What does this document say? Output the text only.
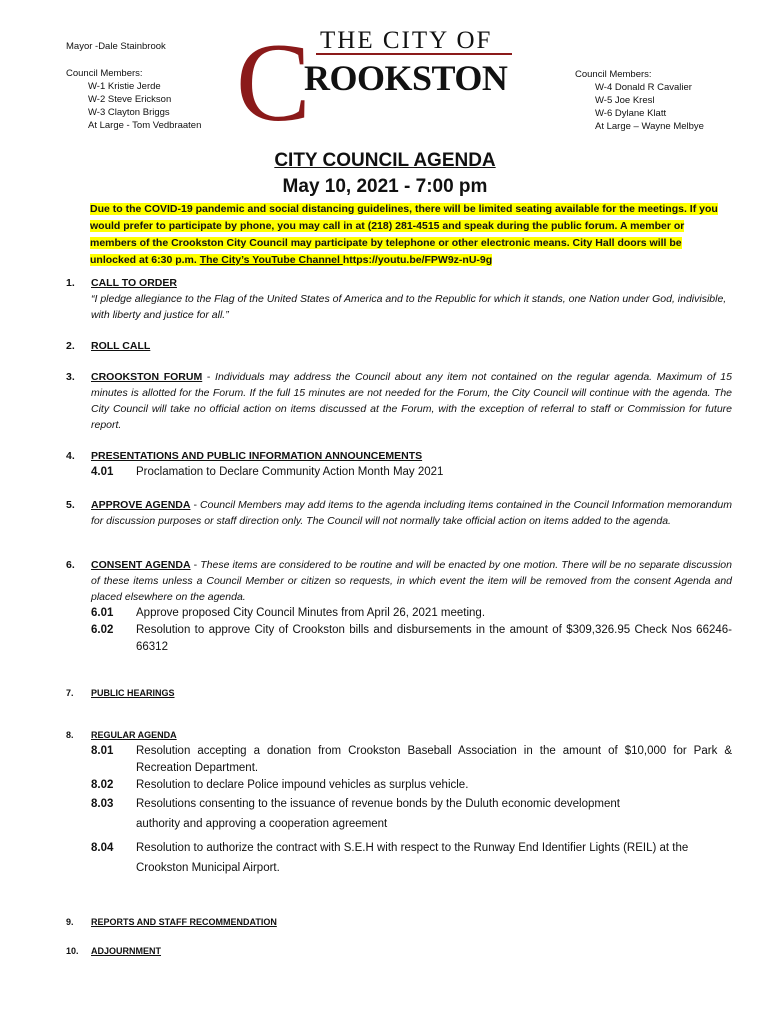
Mayor -Dale Stainbrook
Council Members:
W-1 Kristie Jerde
W-2 Steve Erickson
W-3 Clayton Briggs
At Large - Tom Vedbraaten C THE CITY OF
ROOKSTON	Council Members:
W-4 Donald R Cavalier
W-5 Joe Kresl
W-6 Dylane Klatt
At Large – Wayne Melbye
CITY COUNCIL AGENDA
May 10, 2021 - 7:00 pm
Due to the COVID-19 pandemic and social distancing guidelines, there will be limited seating available for the meetings. If you would prefer to participate by phone, you may call in at (218) 281-4515 and speak during the public forum. A member or members of the Crookston City Council may participate by telephone or other electronic means. City Hall doors will be unlocked at 6:30 p.m. The City’s YouTube Channel https://youtu.be/FPW9z-nU-9g
1. CALL TO ORDER
“I pledge allegiance to the Flag of the United States of America and to the Republic for which it stands, one Nation under God, indivisible, with liberty and justice for all.”
2. ROLL CALL
3. CROOKSTON FORUM - Individuals may address the Council about any item not contained on the regular agenda. Maximum of 15 minutes is allotted for the Forum. If the full 15 minutes are not needed for the Forum, the City Council will continue with the agenda. The City Council will take no official action on items discussed at the Forum, with the exception of referral to staff or Commission for future report.
4. PRESENTATIONS AND PUBLIC INFORMATION ANNOUNCEMENTS
4.01 Proclamation to Declare Community Action Month May 2021
5. APPROVE AGENDA - Council Members may add items to the agenda including items contained in the Council Information memorandum for discussion purposes or staff direction only. The Council will not normally take official action on items added to the agenda.
6. CONSENT AGENDA - These items are considered to be routine and will be enacted by one motion. There will be no separate discussion of these items unless a Council Member or citizen so requests, in which event the item will be removed from the consent Agenda and placed elsewhere on the agenda.
6.01 Approve proposed City Council Minutes from April 26, 2021 meeting.
6.02 Resolution to approve City of Crookston bills and disbursements in the amount of $309,326.95 Check Nos 66246-66312
7. PUBLIC HEARINGS
8. REGULAR AGENDA
8.01 Resolution accepting a donation from Crookston Baseball Association in the amount of $10,000 for Park & Recreation Department.
8.02 Resolution to declare Police impound vehicles as surplus vehicle.
8.03 Resolutions consenting to the issuance of revenue bonds by the Duluth economic development authority and approving a cooperation agreement
8.04 Resolution to authorize the contract with S.E.H with respect to the Runway End Identifier Lights (REIL) at the Crookston Municipal Airport.
9. REPORTS AND STAFF RECOMMENDATION
10. ADJOURNMENT
